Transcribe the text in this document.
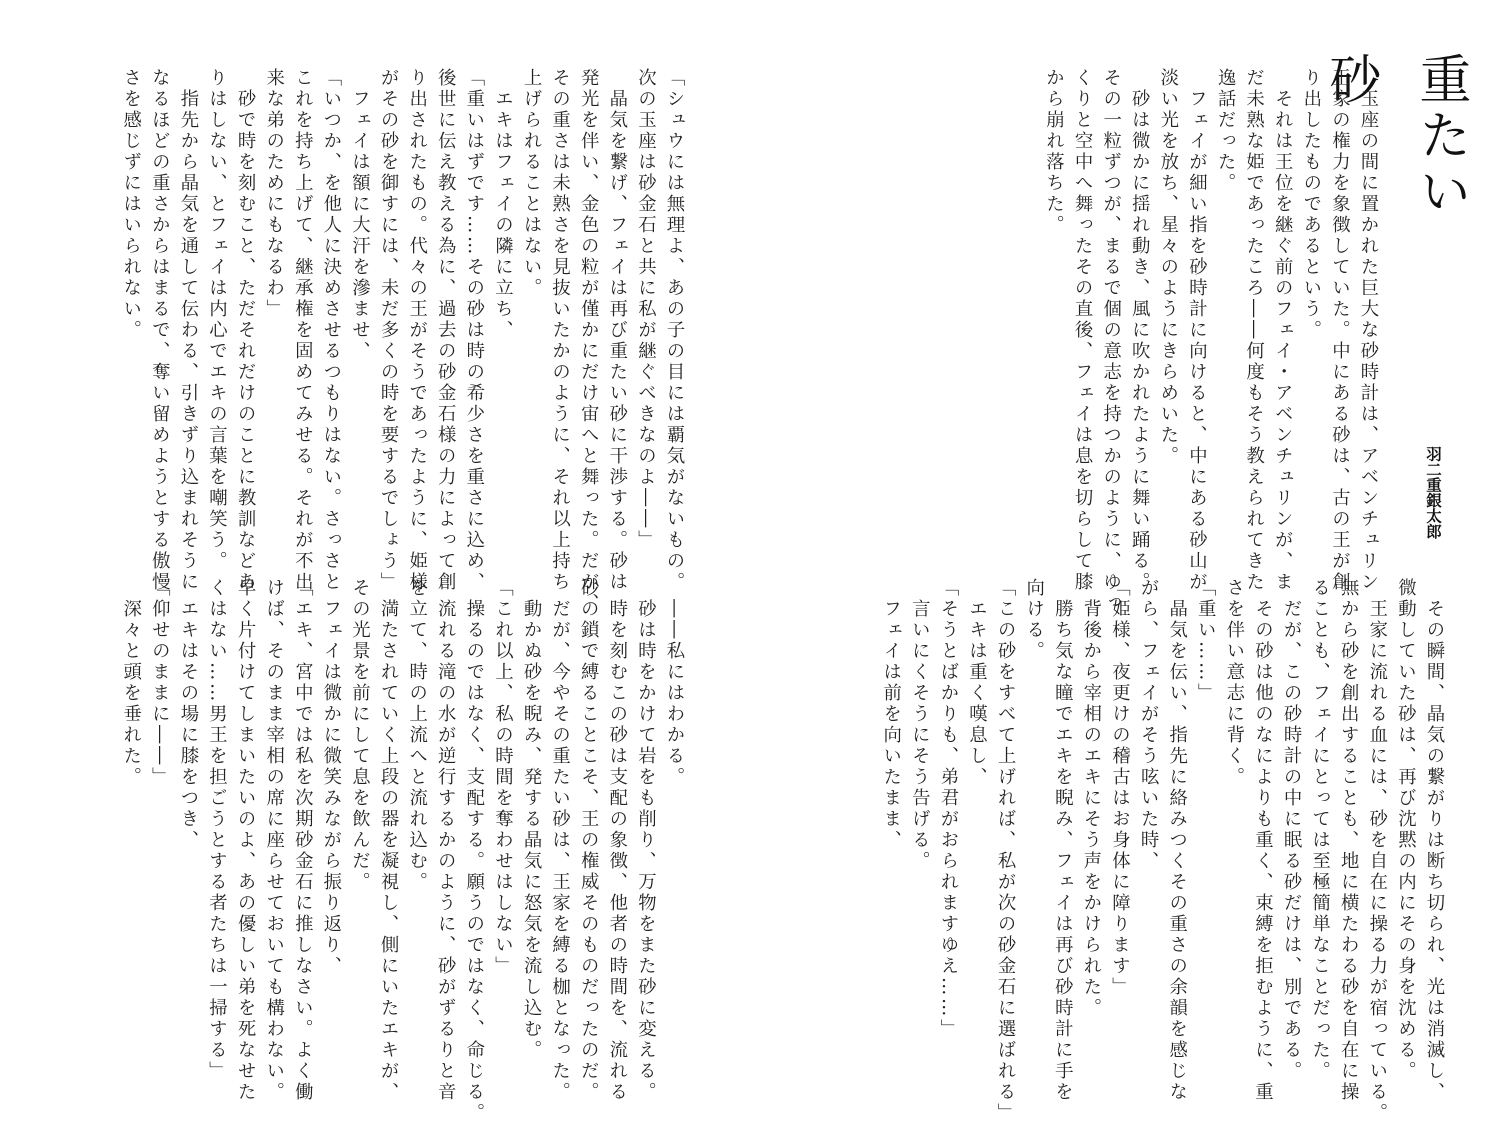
重たい砂
羽二重銀太郎
　玉座の間に置かれた巨大な砂時計は、アベンチュリン
王家の権力を象徴していた。中にある砂は、古の王が創
り出したものであるという。
　それは王位を継ぐ前のフェイ・アベンチュリンが、ま
だ未熟な姫であったころ――何度もそう教えられてきた
逸話だった。
　フェイが細い指を砂時計に向けると、中にある砂山が
淡い光を放ち、星々のようにきらめいた。
　砂は微かに揺れ動き、風に吹かれたように舞い踊る。
その一粒ずつが、まるで個の意志を持つかのように、ゆっ
くりと空中へ舞ったその直後、フェイは息を切らして膝
から崩れ落ちた。
「シュウには無理よ、あの子の目には覇気がないもの。
次の玉座は砂金石と共に私が継ぐべきなのよ――」
　晶気を繋げ、フェイは再び重たい砂に干渉する。砂は
発光を伴い、金色の粒が僅かにだけ宙へと舞った。だが、
その重さは未熟さを見抜いたかのように、それ以上持ち
上げられることはない。
　エキはフェイの隣に立ち、
「重いはずです……その砂は時の希少さを重さに込め、
後世に伝え教える為に、過去の砂金石様の力によって創
り出されたもの。代々の王がそうであったように、姫様
がその砂を御すには、未だ多くの時を要するでしょう」
　フェイは額に大汗を滲ませ、
「いつか、を他人に決めさせるつもりはない。さっさと
これを持ち上げて、継承権を固めてみせる。それが不出
来な弟のためにもなるわ」
　砂で時を刻むこと、ただそれだけのことに教訓などあ
りはしない、とフェイは内心でエキの言葉を嘲笑う。
　指先から晶気を通して伝わる、引きずり込まれそうに
なるほどの重さからはまるで、奪い留めようとする傲慢
さを感じずにはいられない。
　その瞬間、晶気の繋がりは断ち切られ、光は消滅し、
微動していた砂は、再び沈黙の内にその身を沈める。
　王家に流れる血には、砂を自在に操る力が宿っている。
無から砂を創出することも、地に横たわる砂を自在に操
ることも、フェイにとっては至極簡単なことだった。
　だが、この砂時計の中に眠る砂だけは、別である。
　その砂は他のなによりも重く、束縛を拒むように、重
さを伴い意志に背く。
「重い……」
　晶気を伝い、指先に絡みつくその重さの余韻を感じな
がら、フェイがそう呟いた時、
「姫様、夜更けの稽古はお身体に障ります」
　背後から宰相のエキにそう声をかけられた。
　勝ち気な瞳でエキを睨み、フェイは再び砂時計に手を
向ける。
「この砂をすべて上げれば、私が次の砂金石に選ばれる」
　エキは重く嘆息し、
「そうとばかりも、弟君がおられますゆえ……」
　言いにくそうにそう告げる。
　フェイは前を向いたまま、
　――私にはわかる。
　砂は時をかけて岩をも削り、万物をまた砂に変える。
　時を刻むこの砂は支配の象徴、他者の時間を、流れる
砂の鎖で縛ることこそ、王の権威そのものだったのだ。
　だが、今やその重たい砂は、王家を縛る枷となった。
　動かぬ砂を睨み、発する晶気に怒気を流し込む。
「これ以上、私の時間を奪わせはしない」
　操るのではなく、支配する。願うのではなく、命じる。
　流れる滝の水が逆行するかのように、砂がずるりと音
を立て、時の上流へと流れ込む。
　満たされていく上段の器を凝視し、側にいたエキが、
その光景を前にして息を飲んだ。
　フェイは微かに微笑みながら振り返り、
「エキ、宮中では私を次期砂金石に推しなさい。よく働
けば、そのまま宰相の席に座らせておいても構わない。
早く片付けてしまいたいのよ、あの優しい弟を死なせた
くはない……男王を担ごうとする者たちは一掃する」
　エキはその場に膝をつき、
「仰せのままに――」
　深々と頭を垂れた。
